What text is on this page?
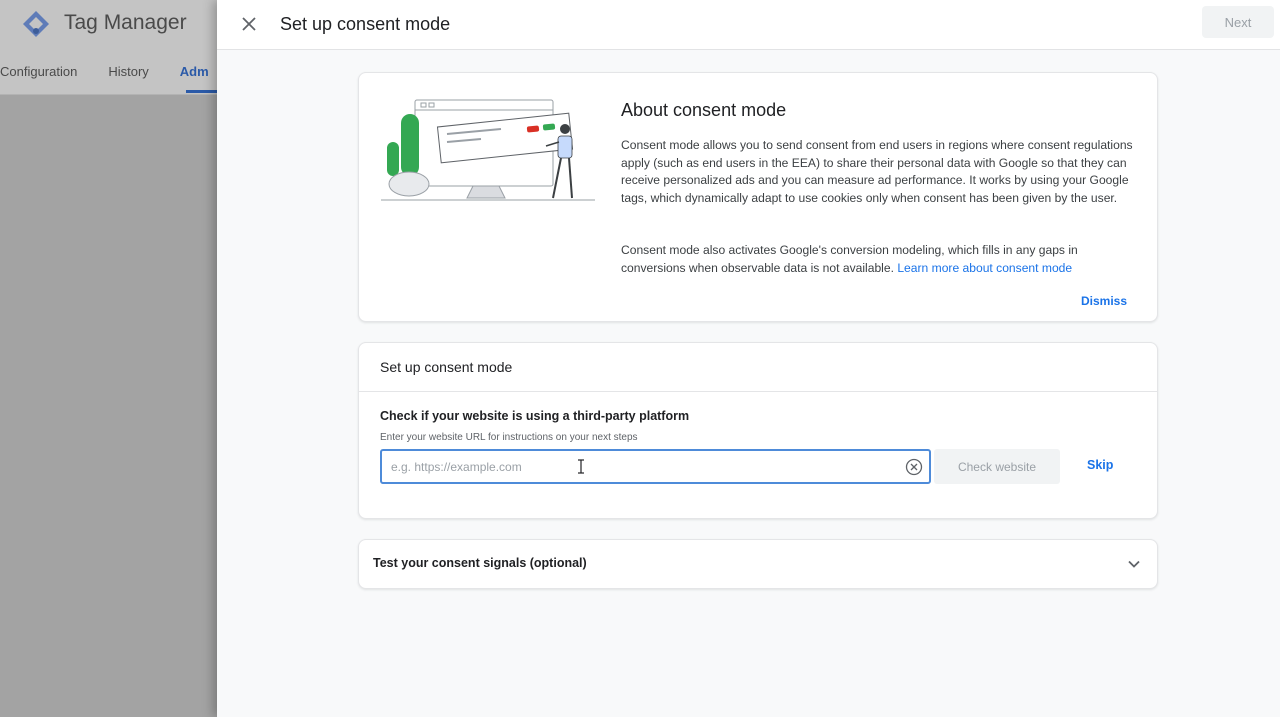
Tag Manager
Configuration History Adm
Set up consent mode	Next
About consent mode

Consent mode allows you to send consent from end users in regions where consent regulations apply (such as end users in the EEA) to share their personal data with Google so that they can receive personalized ads and you can measure ad performance. It works by using your Google tags, which dynamically adapt to use cookies only when consent has been given by the user.

Consent mode also activates Google's conversion modeling, which fills in any gaps in conversions when observable data is not available. Learn more about consent mode

Dismiss
Set up consent mode
Check if your website is using a third-party platform
Enter your website URL for instructions on your next steps
e.g. https://example.com
Check website	Skip
Test your consent signals (optional)
